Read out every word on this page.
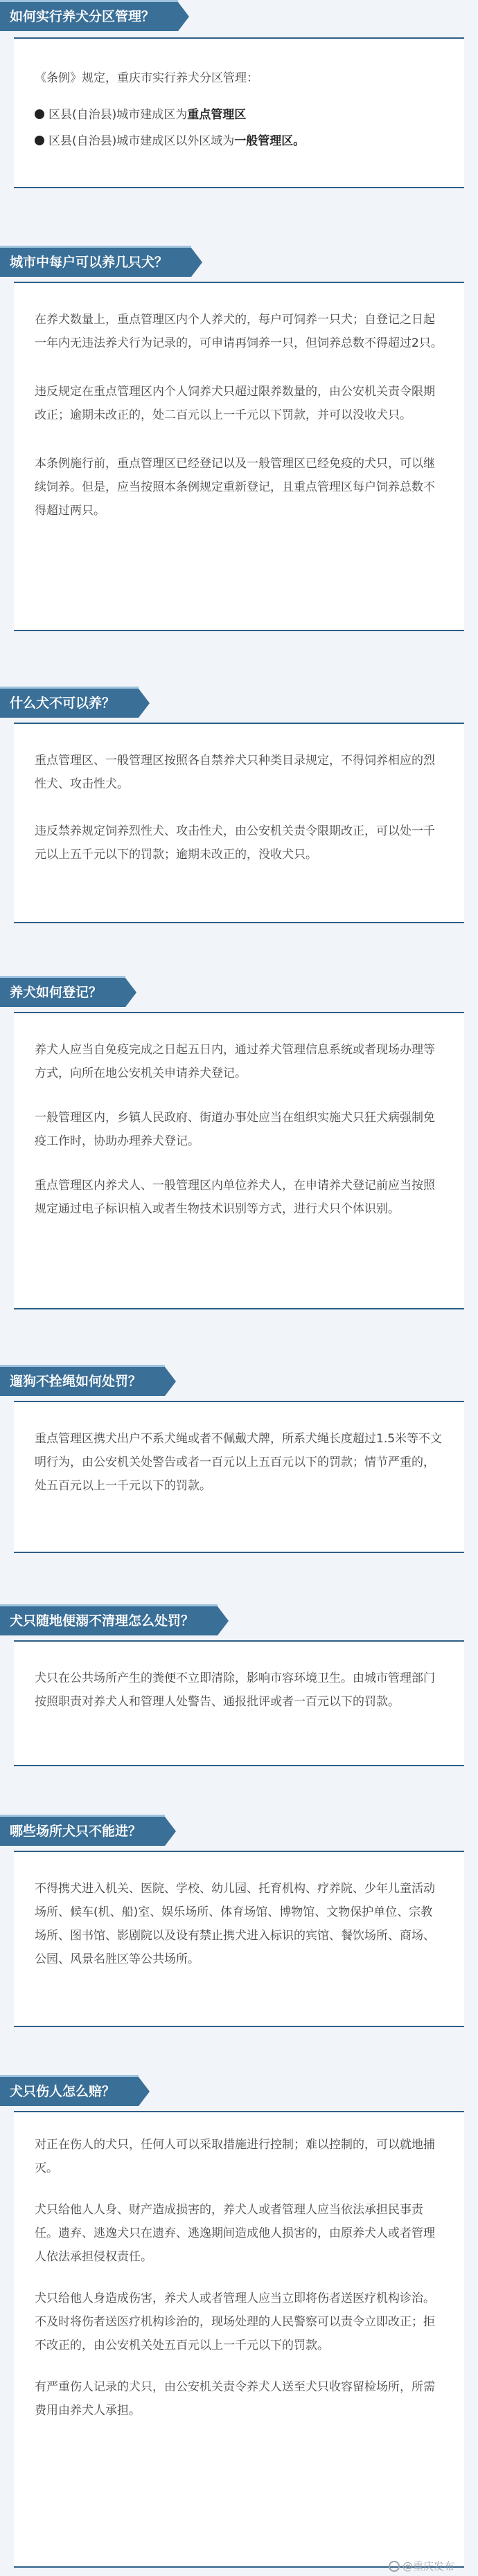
如何实行养犬分区管理？

《条例》规定，重庆市实行养犬分区管理：

区县(自治县)城市建成区为重点管理区

区县(自治县)城市建成区以外区域为一般管理区。

城市中每户可以养几只犬？

在养犬数量上，重点管理区内个人养犬的，每户可饲养一只犬；自登记之日起一年内无违法养犬行为记录的，可申请再饲养一只，但饲养总数不得超过2只。

违反规定在重点管理区内个人饲养犬只超过限养数量的，由公安机关责令限期改正；逾期未改正的，处二百元以上一千元以下罚款，并可以没收犬只。

本条例施行前，重点管理区已经登记以及一般管理区已经免疫的犬只，可以继续饲养。但是，应当按照本条例规定重新登记，且重点管理区每户饲养总数不得超过两只。

什么犬不可以养？

重点管理区、一般管理区按照各自禁养犬只种类目录规定，不得饲养相应的烈性犬、攻击性犬。

违反禁养规定饲养烈性犬、攻击性犬，由公安机关责令限期改正，可以处一千元以上五千元以下的罚款；逾期未改正的，没收犬只。

养犬如何登记？

养犬人应当自免疫完成之日起五日内，通过养犬管理信息系统或者现场办理等方式，向所在地公安机关申请养犬登记。

一般管理区内，乡镇人民政府、街道办事处应当在组织实施犬只狂犬病强制免疫工作时，协助办理养犬登记。

重点管理区内养犬人、一般管理区内单位养犬人，在申请养犬登记前应当按照规定通过电子标识植入或者生物技术识别等方式，进行犬只个体识别。

遛狗不拴绳如何处罚？

重点管理区携犬出户不系犬绳或者不佩戴犬牌，所系犬绳长度超过1.5米等不文明行为，由公安机关处警告或者一百元以上五百元以下的罚款；情节严重的，处五百元以上一千元以下的罚款。

犬只随地便溺不清理怎么处罚？

犬只在公共场所产生的粪便不立即清除，影响市容环境卫生。由城市管理部门按照职责对养犬人和管理人处警告、通报批评或者一百元以下的罚款。

哪些场所犬只不能进？

不得携犬进入机关、医院、学校、幼儿园、托育机构、疗养院、少年儿童活动场所、候车(机、船)室、娱乐场所、体育场馆、博物馆、文物保护单位、宗教场所、图书馆、影剧院以及设有禁止携犬进入标识的宾馆、餐饮场所、商场、公园、风景名胜区等公共场所。

犬只伤人怎么赔？

对正在伤人的犬只，任何人可以采取措施进行控制；难以控制的，可以就地捕灭。

犬只给他人人身、财产造成损害的，养犬人或者管理人应当依法承担民事责任。遗弃、逃逸犬只在遗弃、逃逸期间造成他人损害的，由原养犬人或者管理人依法承担侵权责任。

犬只给他人身造成伤害，养犬人或者管理人应当立即将伤者送医疗机构诊治。不及时将伤者送医疗机构诊治的，现场处理的人民警察可以责令立即改正；拒不改正的，由公安机关处五百元以上一千元以下的罚款。

有严重伤人记录的犬只，由公安机关责令养犬人送至犬只收容留检场所，所需费用由养犬人承担。

@重庆发布
